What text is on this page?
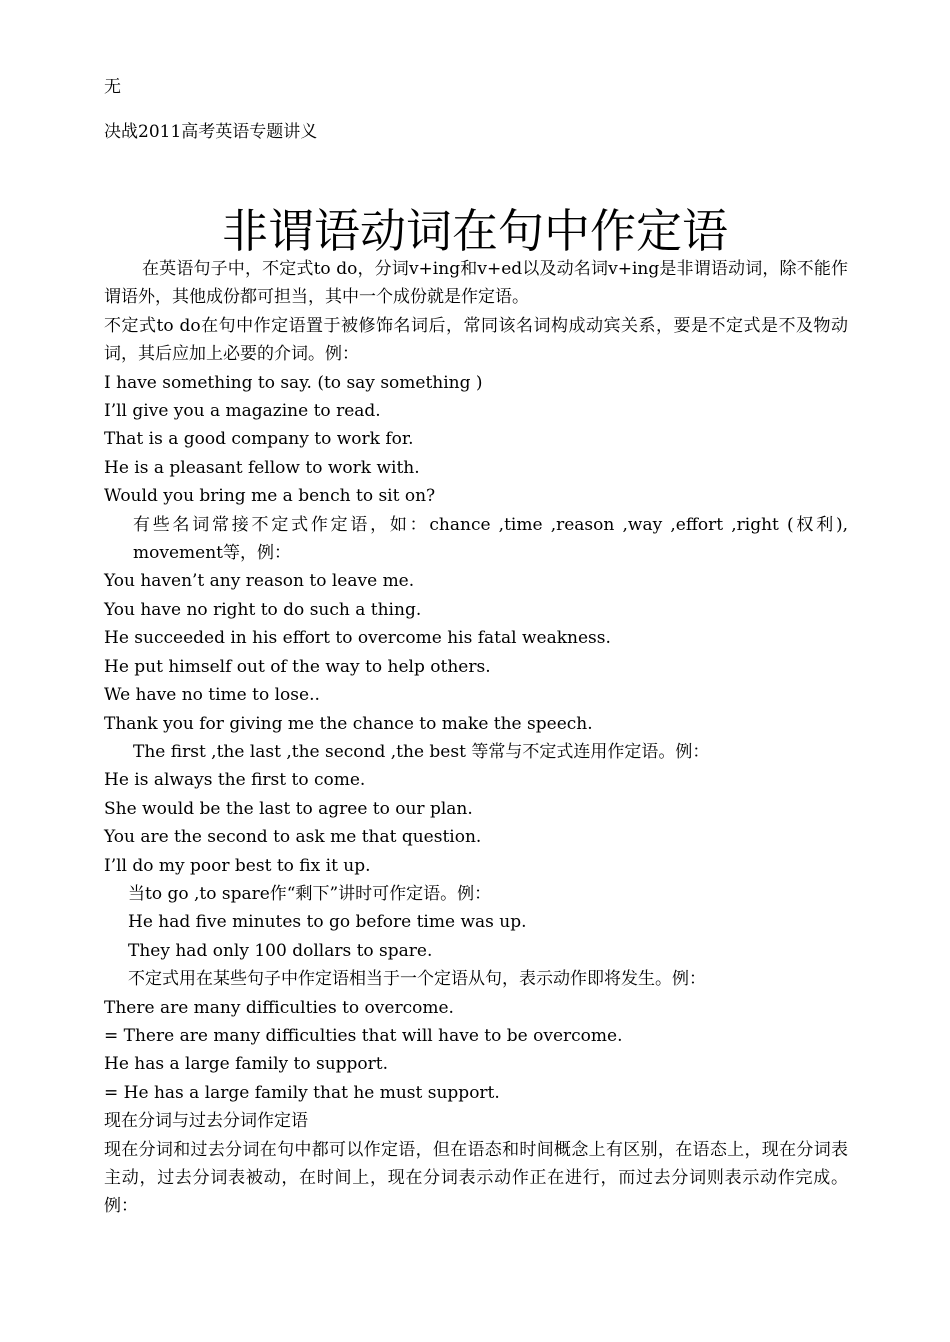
无
决战2011高考英语专题讲义
非谓语动词在句中作定语

在英语句子中，不定式to do，分词v+ing和v+ed以及动名词v+ing是非谓语动词，除不能作谓语外，其他成份都可担当，其中一个成份就是作定语。

不定式to do在句中作定语置于被修饰名词后，常同该名词构成动宾关系，要是不定式是不及物动词，其后应加上必要的介词。例：

I have something to say. (to say something )

I’ll give you a magazine to read.

That is a good company to work for.

He is a pleasant fellow to work with.

Would you bring me a bench to sit on?

有些名词常接不定式作定语，如：chance ,time ,reason ,way ,effort ,right (权利), movement等，例：

You haven’t any reason to leave me.

You have no right to do such a thing.

He succeeded in his effort to overcome his fatal weakness.

He put himself out of the way to help others.

We have no time to lose..

Thank you for giving me the chance to make the speech.

The first ,the last ,the second ,the best 等常与不定式连用作定语。例：

He is always the first to come.

She would be the last to agree to our plan.

You are the second to ask me that question.

I’ll do my poor best to fix it up.

当to go ,to spare作“剩下”讲时可作定语。例：

He had five minutes to go before time was up.

They had only 100 dollars to spare.

不定式用在某些句子中作定语相当于一个定语从句，表示动作即将发生。例：

There are many difficulties to overcome.

= There are many difficulties that will have to be overcome.

He has a large family to support.

= He has a large family that he must support.

现在分词与过去分词作定语

现在分词和过去分词在句中都可以作定语，但在语态和时间概念上有区别，在语态上，现在分词表主动，过去分词表被动，在时间上，现在分词表示动作正在进行，而过去分词则表示动作完成。例：
